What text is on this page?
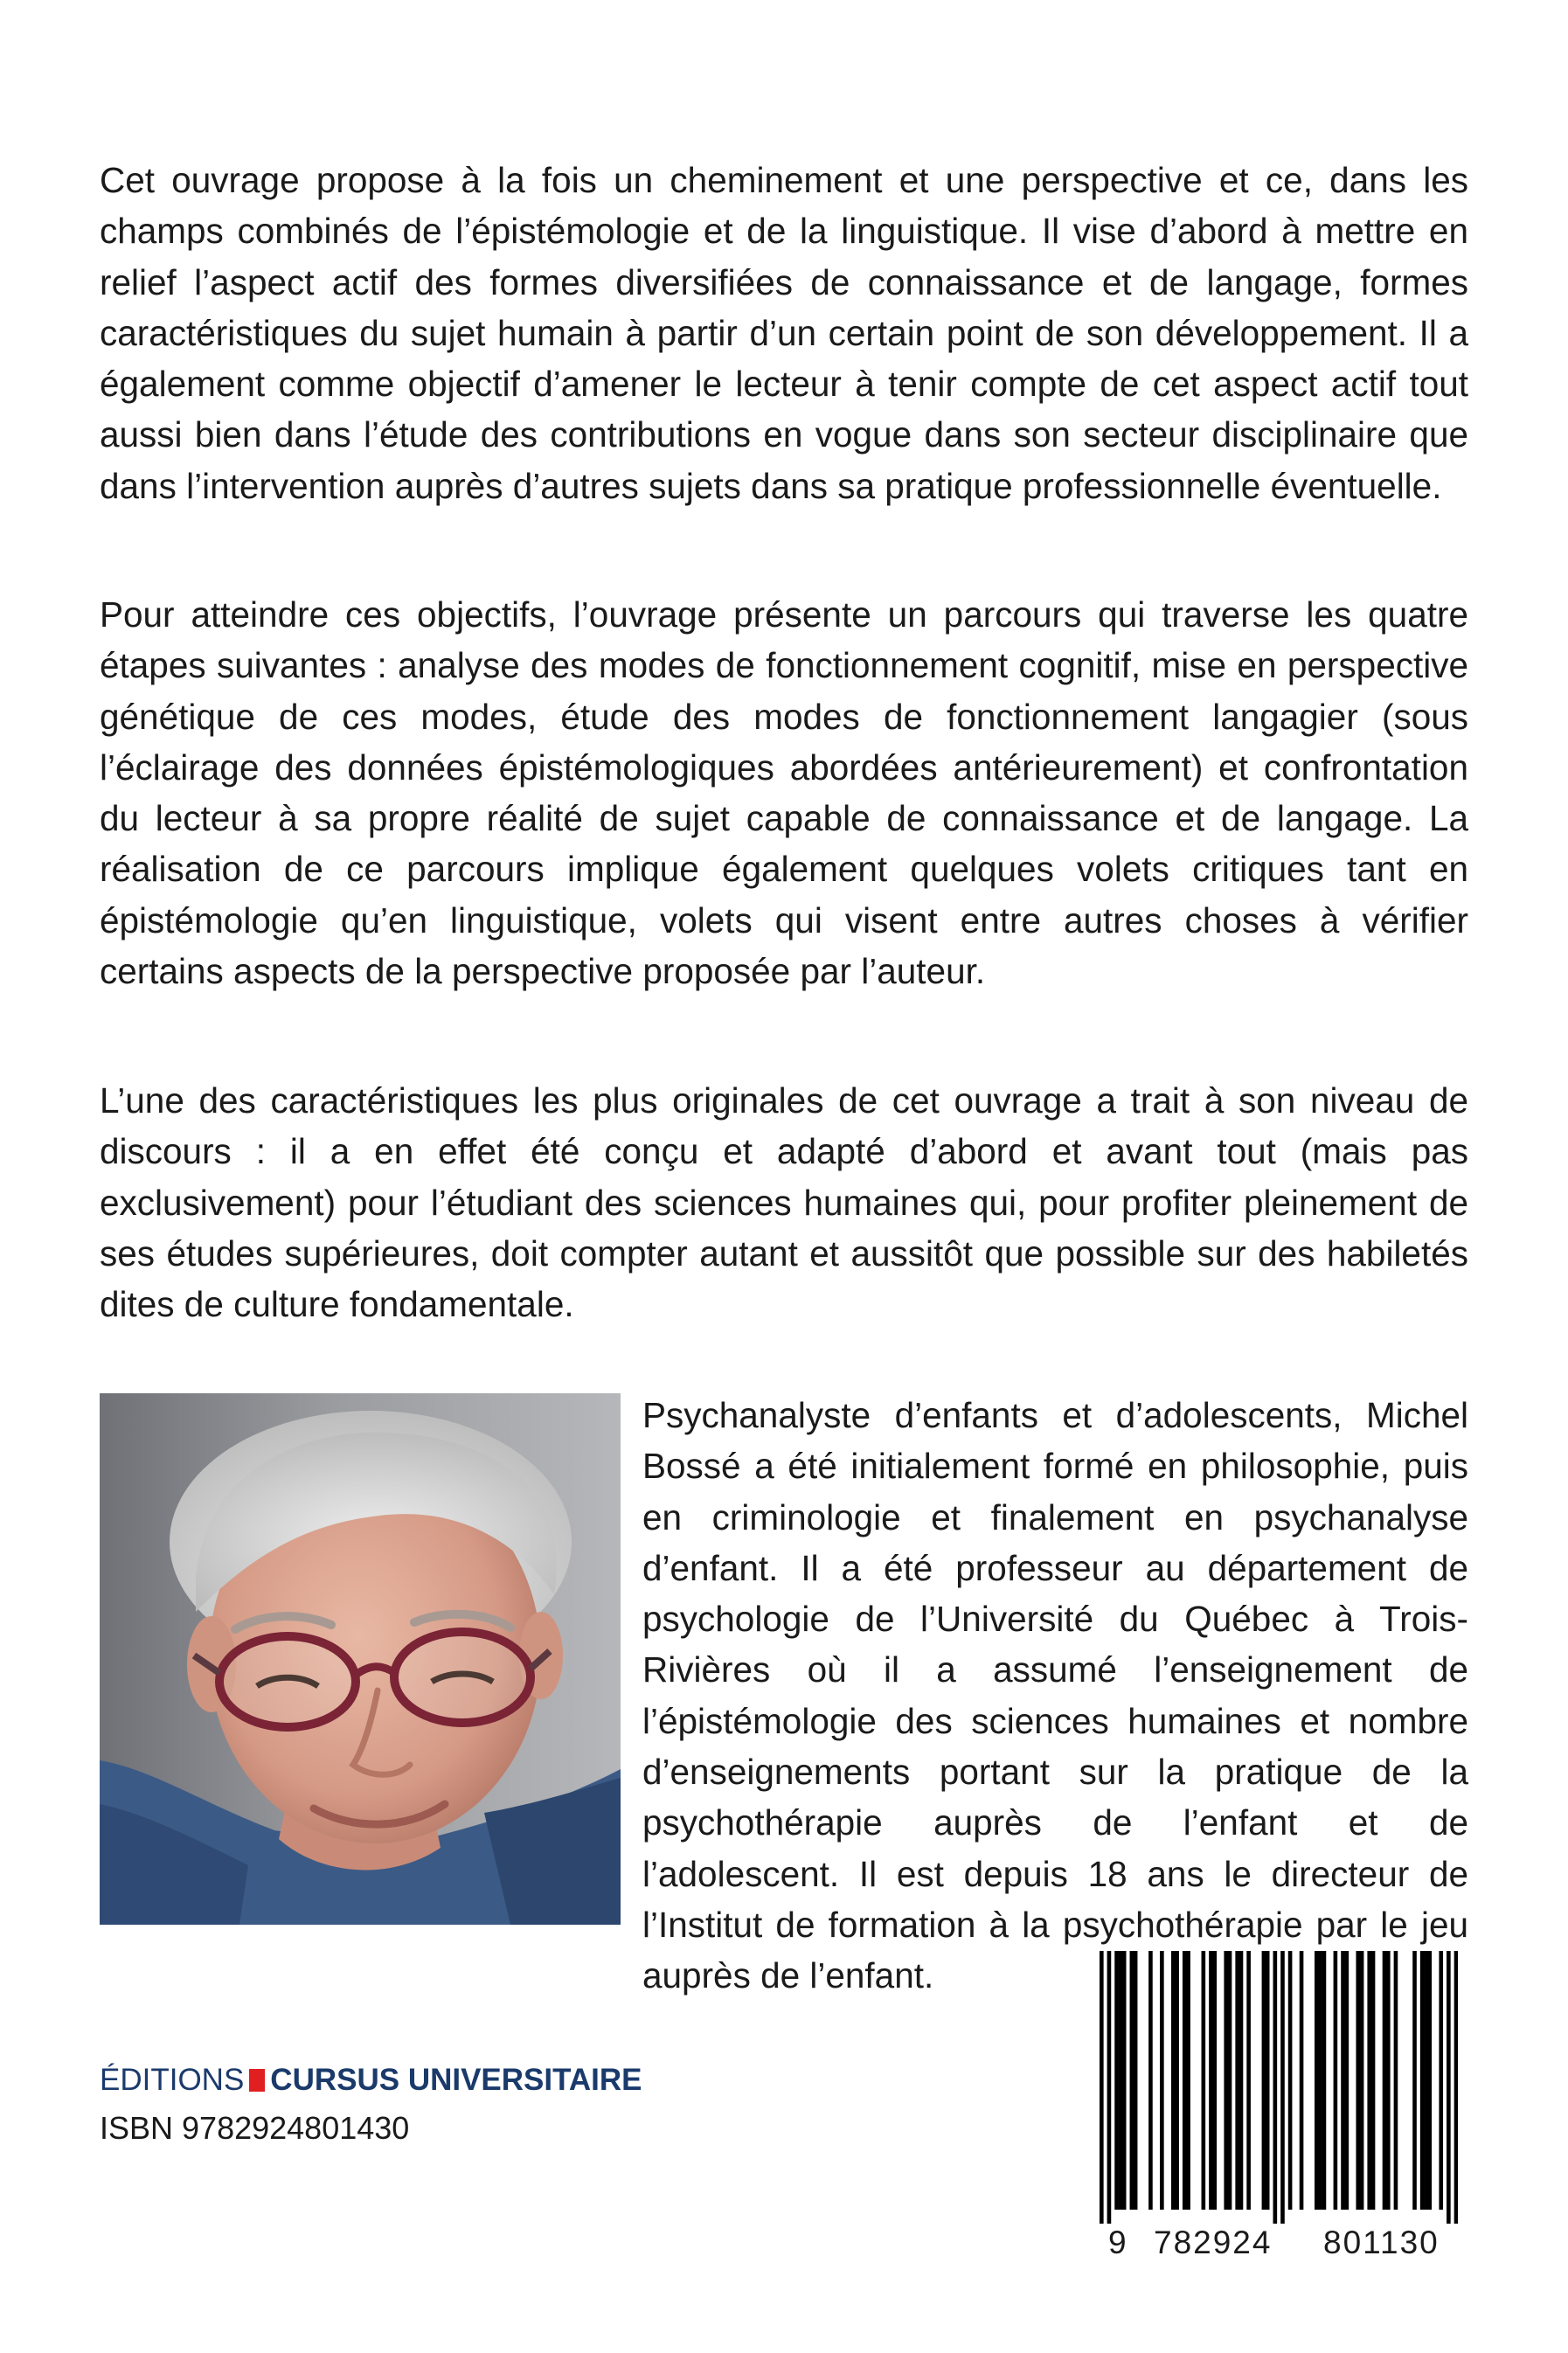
Cet ouvrage propose à la fois un cheminement et une perspective et ce, dans les champs combinés de l’épistémologie et de la linguistique. Il vise d’abord à mettre en relief l’aspect actif des formes diversifiées de connaissance et de langage, formes caractéristiques du sujet humain à partir d’un certain point de son développement. Il a également comme objectif d’amener le lecteur à tenir compte de cet aspect actif tout aussi bien dans l’étude des contributions en vogue dans son secteur disciplinaire que dans l’intervention auprès d’autres sujets dans sa pratique professionnelle éventuelle.

Pour atteindre ces objectifs, l’ouvrage présente un parcours qui traverse les quatre étapes suivantes : analyse des modes de fonctionnement cognitif, mise en perspective génétique de ces modes, étude des modes de fonctionnement langagier (sous l’éclairage des données épistémologiques abordées antérieurement) et confrontation du lecteur à sa propre réalité de sujet capable de connaissance et de langage. La réalisation de ce parcours implique également quelques volets critiques tant en épistémologie qu’en linguistique, volets qui visent entre autres choses à vérifier certains aspects de la perspective proposée par l’auteur.

L’une des caractéristiques les plus originales de cet ouvrage a trait à son niveau de discours : il a en effet été conçu et adapté d’abord et avant tout (mais pas exclusivement) pour l’étudiant des sciences humaines qui, pour profiter pleinement de ses études supérieures, doit compter autant et aussitôt que possible sur des habiletés dites de culture fondamentale.

Psychanalyste d’enfants et d’adolescents, Michel Bossé a été initialement formé en philosophie, puis en criminologie et finalement en psychanalyse d’enfant. Il a été professeur au département de psychologie de l’Université du Québec à Trois-Rivières où il a assumé l’enseignement de l’épistémologie des sciences humaines et nombre d’enseignements portant sur la pratique de la psychothérapie auprès de l’enfant et de l’adolescent. Il est depuis 18 ans le directeur de l’Institut de formation à la psychothérapie par le jeu auprès de l’enfant.

ÉDITIONS CURSUS UNIVERSITAIRE
ISBN 9782924801430
9 782924 801130
